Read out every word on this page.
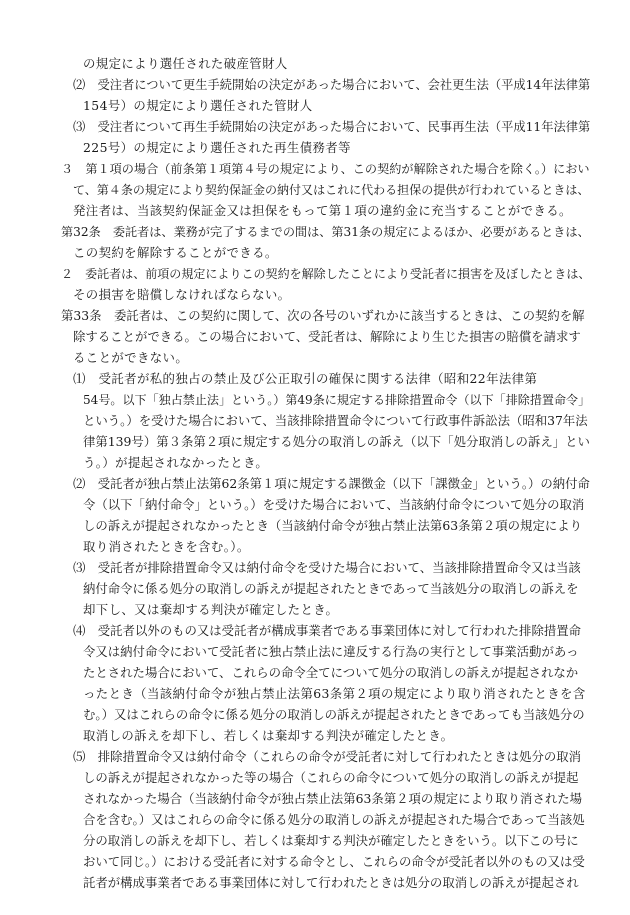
の規定により選任された破産管財人
⑵　受注者について更生手続開始の決定があった場合において、会社更生法（平成14年法律第
154号）の規定により選任された管財人
⑶　受注者について再生手続開始の決定があった場合において、民事再生法（平成11年法律第
225号）の規定により選任された再生債務者等
３　第１項の場合（前条第１項第４号の規定により、この契約が解除された場合を除く。）におい
て、第４条の規定により契約保証金の納付又はこれに代わる担保の提供が行われているときは、
発注者は、当該契約保証金又は担保をもって第１項の違約金に充当することができる。
第32条　委託者は、業務が完了するまでの間は、第31条の規定によるほか、必要があるときは、
この契約を解除することができる。
２　委託者は、前項の規定によりこの契約を解除したことにより受託者に損害を及ぼしたときは、
その損害を賠償しなければならない。
第33条　委託者は、この契約に関して、次の各号のいずれかに該当するときは、この契約を解
除することができる。この場合において、受託者は、解除により生じた損害の賠償を請求す
ることができない。
⑴　受託者が私的独占の禁止及び公正取引の確保に関する法律（昭和22年法律第
54号。以下「独占禁止法」という。）第49条に規定する排除措置命令（以下「排除措置命令」
という。）を受けた場合において、当該排除措置命令について行政事件訴訟法（昭和37年法
律第139号）第３条第２項に規定する処分の取消しの訴え（以下「処分取消しの訴え」とい
う。）が提起されなかったとき。
⑵　受託者が独占禁止法第62条第１項に規定する課徴金（以下「課徴金」という。）の納付命
令（以下「納付命令」という。）を受けた場合において、当該納付命令について処分の取消
しの訴えが提起されなかったとき（当該納付命令が独占禁止法第63条第２項の規定により
取り消されたときを含む。）。
⑶　受託者が排除措置命令又は納付命令を受けた場合において、当該排除措置命令又は当該
納付命令に係る処分の取消しの訴えが提起されたときであって当該処分の取消しの訴えを
却下し、又は棄却する判決が確定したとき。
⑷　受託者以外のもの又は受託者が構成事業者である事業団体に対して行われた排除措置命
令又は納付命令において受託者に独占禁止法に違反する行為の実行として事業活動があっ
たとされた場合において、これらの命令全てについて処分の取消しの訴えが提起されなか
ったとき（当該納付命令が独占禁止法第63条第２項の規定により取り消されたときを含
む。）又はこれらの命令に係る処分の取消しの訴えが提起されたときであっても当該処分の
取消しの訴えを却下し、若しくは棄却する判決が確定したとき。
⑸　排除措置命令又は納付命令（これらの命令が受託者に対して行われたときは処分の取消
しの訴えが提起されなかった等の場合（これらの命令について処分の取消しの訴えが提起
されなかった場合（当該納付命令が独占禁止法第63条第２項の規定により取り消された場
合を含む。）又はこれらの命令に係る処分の取消しの訴えが提起された場合であって当該処
分の取消しの訴えを却下し、若しくは棄却する判決が確定したときをいう。以下この号に
おいて同じ。）における受託者に対する命令とし、これらの命令が受託者以外のもの又は受
託者が構成事業者である事業団体に対して行われたときは処分の取消しの訴えが提起され
